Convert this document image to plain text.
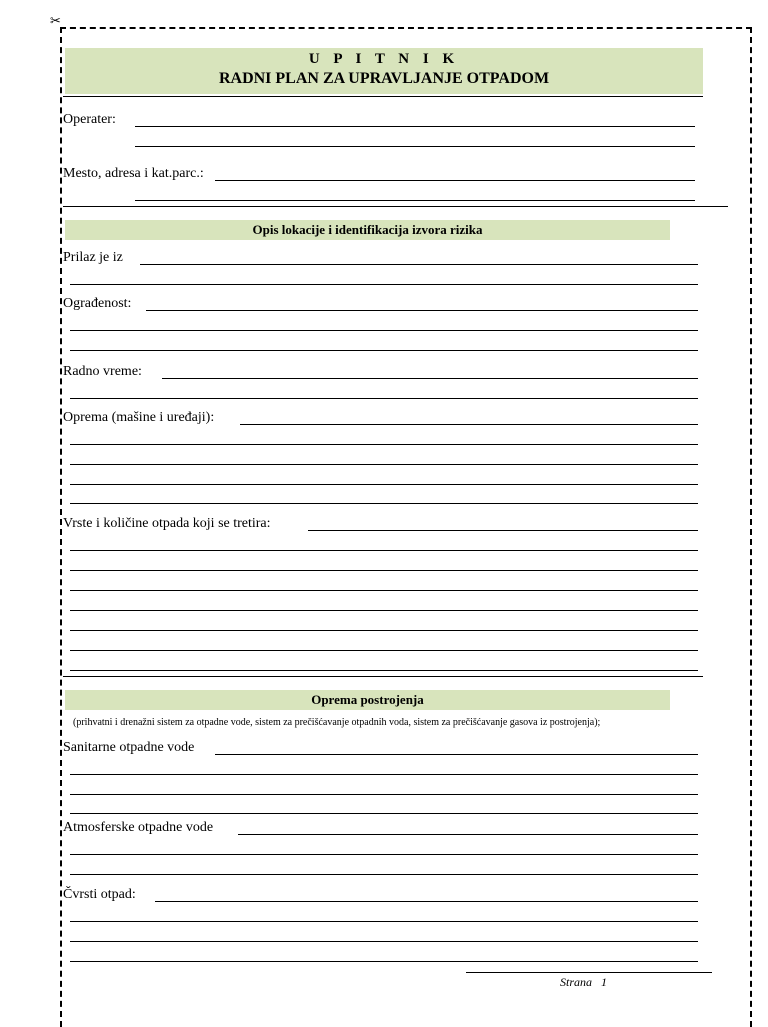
✂
U P I T N I K
RADNI PLAN ZA UPRAVLJANJE OTPADOM
Operater:
Mesto, adresa i kat.parc.:
Opis lokacije i identifikacija izvora rizika
Prilaz je iz
Ograđenost:
Radno vreme:
Oprema (mašine i uređaji):
Vrste i količine otpada koji se tretira:
Oprema postrojenja
(prihvatni i drenažni sistem za otpadne vode, sistem za prečišćavanje otpadnih voda, sistem za prečišćavanje gasova iz postrojenja);
Sanitarne otpadne vode
Atmosferske otpadne vode
Čvrsti otpad:
Strana   1
